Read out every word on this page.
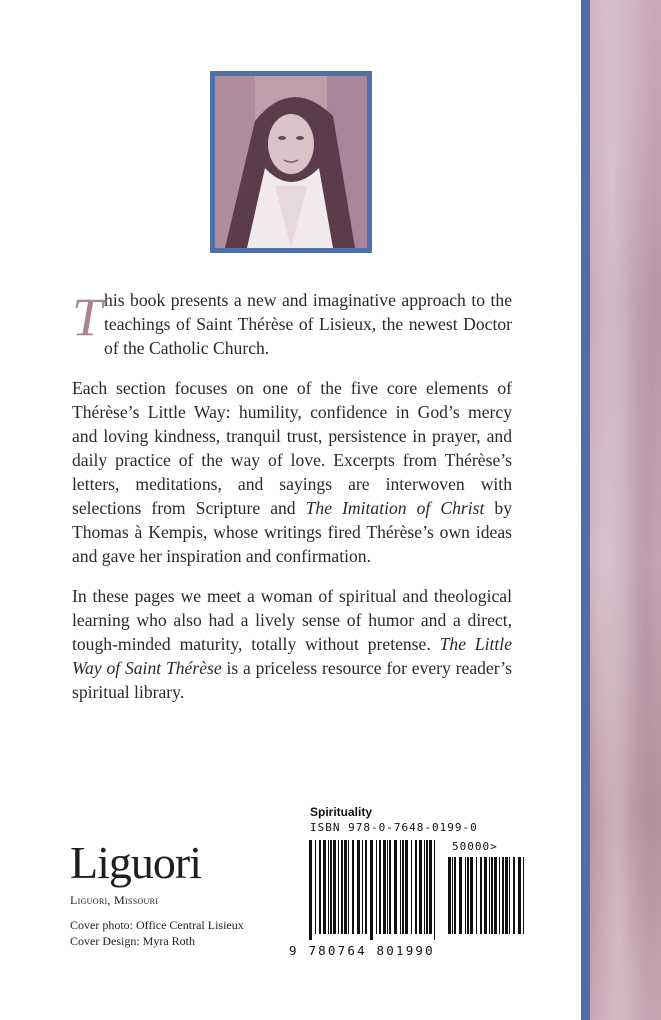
This book presents a new and imaginative approach to the teachings of Saint Thérèse of Lisieux, the newest Doctor of the Catholic Church.

Each section focuses on one of the five core elements of Thérèse’s Little Way: humility, confidence in God’s mercy and loving kindness, tranquil trust, persistence in prayer, and daily practice of the way of love. Excerpts from Thérèse’s letters, meditations, and sayings are interwoven with selections from Scripture and The Imitation of Christ by Thomas à Kempis, whose writings fired Thérèse’s own ideas and gave her inspiration and confirmation.

In these pages we meet a woman of spiritual and theological learning who also had a lively sense of humor and a direct, tough-minded maturity, totally without pretense. The Little Way of Saint Thérèse is a priceless resource for every reader’s spiritual library.

Liguori
Liguori, Missouri
Cover photo: Office Central Lisieux
Cover Design: Myra Roth
Spirituality
ISBN 978-0-7648-0199-0
9 780764 801990
50000>
